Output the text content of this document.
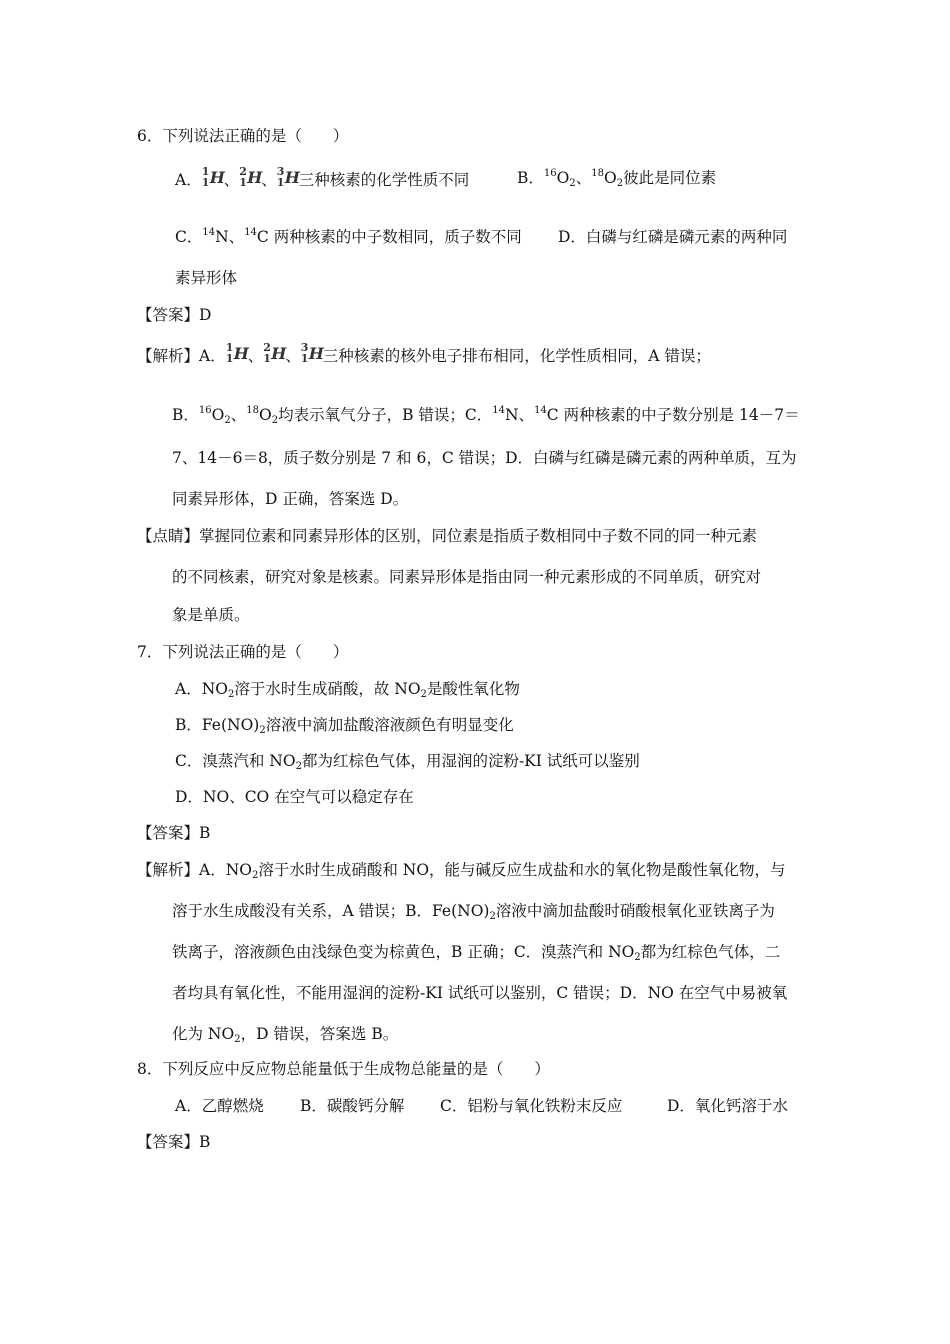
6．下列说法正确的是（　　）
A． 1
1 H
、 2
1 H
、 3
1 H
三种核素的化学性质不同	B．$^{16}O_2$、$^{18}O_2$彼此是同位素
C．$^{14}$N、$^{14}$C 两种核素的中子数相同，质子数不同 D．白磷与红磷是磷元素的两种同
素异形体
【答案】D
【解析】A． 1
1 H
、 2
1 H
、 3
1 H
三种核素的核外电子排布相同，化学性质相同，A 错误；
B．$^{16}O_2$、$^{18}O_2$均表示氧气分子，B 错误；C．$^{14}$N、$^{14}$C 两种核素的中子数分别是 14－7＝
7、14－6＝8，质子数分别是 7 和 6，C 错误；D．白磷与红磷是磷元素的两种单质，互为
同素异形体，D 正确，答案选 D。
【点睛】掌握同位素和同素异形体的区别，同位素是指质子数相同中子数不同的同一种元素
的不同核素，研究对象是核素。同素异形体是指由同一种元素形成的不同单质，研究对
象是单质。
7．下列说法正确的是（　　）
A．$NO_2$溶于水时生成硝酸，故 $NO_2$是酸性氧化物
B．$Fe(NO)_2$溶液中滴加盐酸溶液颜色有明显变化
C．溴蒸汽和 $NO_2$都为红棕色气体，用湿润的淀粉-KI 试纸可以鉴别
D．NO、CO 在空气可以稳定存在
【答案】B
【解析】A．$NO_2$溶于水时生成硝酸和 NO，能与碱反应生成盐和水的氧化物是酸性氧化物，与
溶于水生成酸没有关系，A 错误；B．$Fe(NO)_2$溶液中滴加盐酸时硝酸根氧化亚铁离子为
铁离子，溶液颜色由浅绿色变为棕黄色，B 正确；C．溴蒸汽和 $NO_2$都为红棕色气体，二
者均具有氧化性，不能用湿润的淀粉-KI 试纸可以鉴别，C 错误；D．NO 在空气中易被氧
化为 $NO_2$，D 错误，答案选 B。
8．下列反应中反应物总能量低于生成物总能量的是（　　）
A．乙醇燃烧 B．碳酸钙分解 C．铝粉与氧化铁粉末反应	D．氧化钙溶于水
【答案】B
